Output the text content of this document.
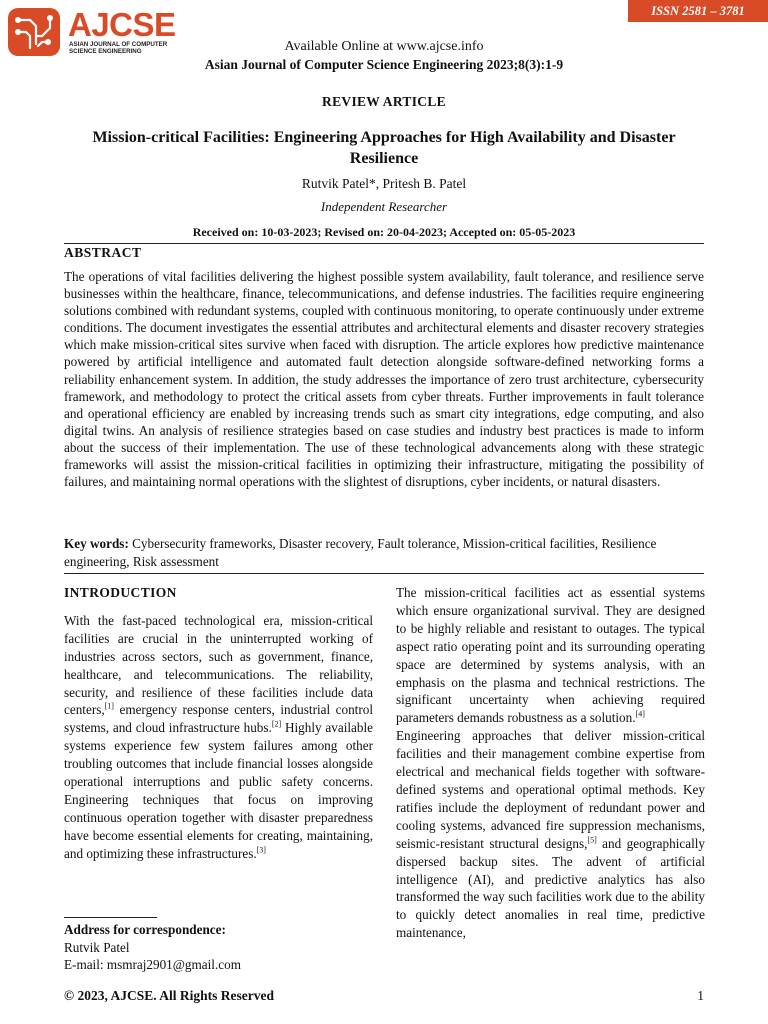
ISSN 2581 – 3781
AJCSE
ASIAN JOURNAL OF COMPUTER
SCIENCE ENGINEERING	Available Online at www.ajcse.info
Asian Journal of Computer Science Engineering 2023;8(3):1-9
REVIEW ARTICLE
Mission-critical Facilities: Engineering Approaches for High Availability and Disaster Resilience
Rutvik Patel*, Pritesh B. Patel
Independent Researcher
Received on: 10-03-2023; Revised on: 20-04-2023; Accepted on: 05-05-2023
ABSTRACT

The operations of vital facilities delivering the highest possible system availability, fault tolerance, and resilience serve businesses within the healthcare, finance, telecommunications, and defense industries. The facilities require engineering solutions combined with redundant systems, coupled with continuous monitoring, to operate continuously under extreme conditions. The document investigates the essential attributes and architectural elements and disaster recovery strategies which make mission-critical sites survive when faced with disruption. The article explores how predictive maintenance powered by artificial intelligence and automated fault detection alongside software-defined networking forms a reliability enhancement system. In addition, the study addresses the importance of zero trust architecture, cybersecurity framework, and methodology to protect the critical assets from cyber threats. Further improvements in fault tolerance and operational efficiency are enabled by increasing trends such as smart city integrations, edge computing, and also digital twins. An analysis of resilience strategies based on case studies and industry best practices is made to inform about the success of their implementation. The use of these technological advancements along with these strategic frameworks will assist the mission-critical facilities in optimizing their infrastructure, mitigating the possibility of failures, and maintaining normal operations with the slightest of disruptions, cyber incidents, or natural disasters.

Key words: Cybersecurity frameworks, Disaster recovery, Fault tolerance, Mission-critical facilities, Resilience engineering, Risk assessment

INTRODUCTION

With the fast-paced technological era, mission-critical facilities are crucial in the uninterrupted working of industries across sectors, such as government, finance, healthcare, and telecommunications. The reliability, security, and resilience of these facilities include data centers,[1] emergency response centers, industrial control systems, and cloud infrastructure hubs.[2] Highly available systems experience few system failures among other troubling outcomes that include financial losses alongside operational interruptions and public safety concerns. Engineering techniques that focus on improving continuous operation together with disaster preparedness have become essential elements for creating, maintaining, and optimizing these infrastructures.[3]

Address for correspondence:
Rutvik Patel
E-mail: msmraj2901@gmail.com

The mission-critical facilities act as essential systems which ensure organizational survival. They are designed to be highly reliable and resistant to outages. The typical aspect ratio operating point and its surrounding operating space are determined by systems analysis, with an emphasis on the plasma and technical restrictions. The significant uncertainty when achieving required parameters demands robustness as a solution.[4]

Engineering approaches that deliver mission-critical facilities and their management combine expertise from electrical and mechanical fields together with software-defined systems and operational optimal methods. Key ratifies include the deployment of redundant power and cooling systems, advanced fire suppression mechanisms, seismic-resistant structural designs,[5] and geographically dispersed backup sites. The advent of artificial intelligence (AI), and predictive analytics has also transformed the way such facilities work due to the ability to quickly detect anomalies in real time, predictive maintenance,

© 2023, AJCSE. All Rights Reserved	1
